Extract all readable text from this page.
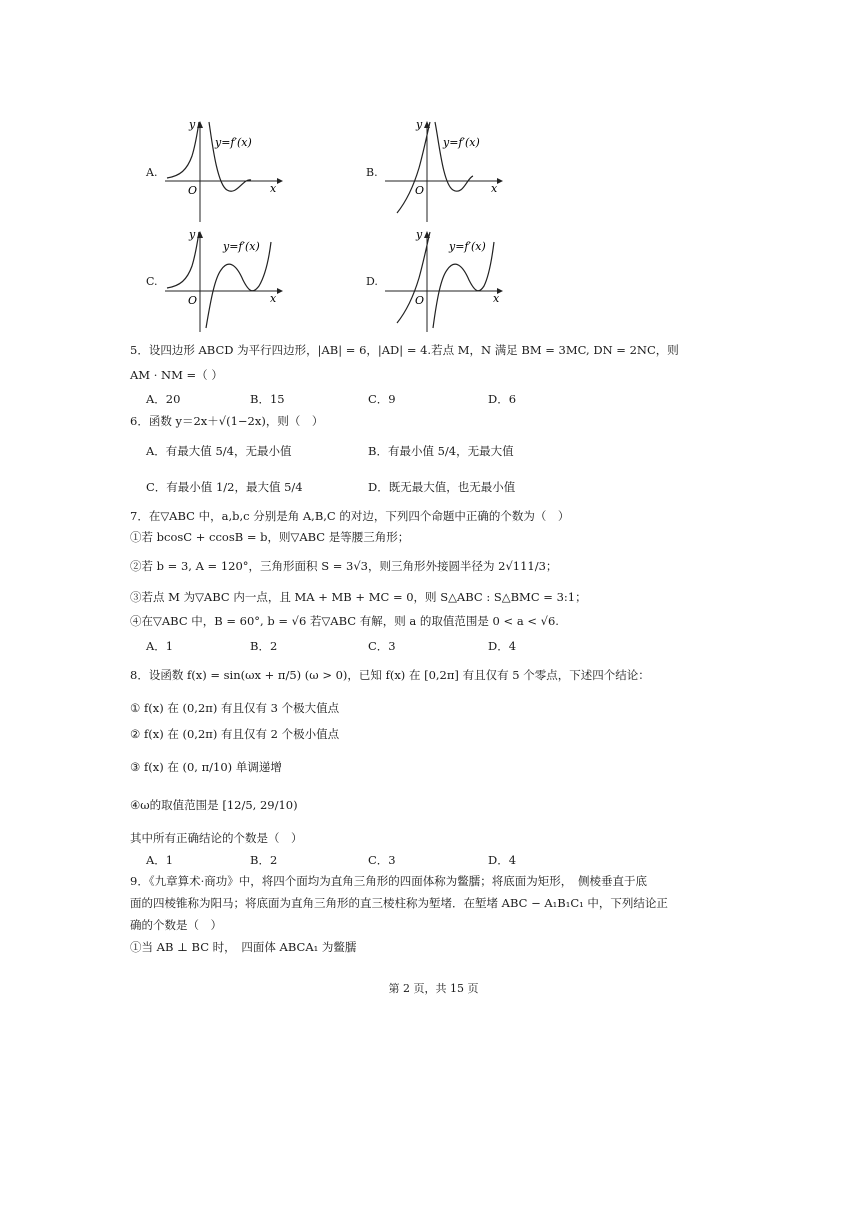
A.
O	x
y
y=f′(x)
B.
O	x
y
y=f′(x)
C.
O	x
y
y=f′(x)
D.
O	x
y
y=f′(x)
5．设四边形 ABCD 为平行四边形，|AB| = 6，|AD| = 4.若点 M，N 满足 BM = 3MC, DN = 2NC，则
AM · NM =（ ）
A．20	B．15	C．9	D．6
6．函数 y＝2x＋√(1−2x)，则（　）
A．有最大值 5/4，无最小值	B．有最小值 5/4，无最大值
C．有最小值 1/2，最大值 5/4	D．既无最大值，也无最小值
7．在▽ABC 中，a,b,c 分别是角 A,B,C 的对边，下列四个命题中正确的个数为（　）
①若 bcosC + ccosB = b，则▽ABC 是等腰三角形；
②若 b = 3, A = 120°，三角形面积 S = 3√3，则三角形外接圆半径为 2√111/3；
③若点 M 为▽ABC 内一点，且 MA + MB + MC = 0，则 S△ABC : S△BMC = 3:1；
④在▽ABC 中，B = 60°, b = √6 若▽ABC 有解，则 a 的取值范围是 0 < a < √6.
A．1	B．2	C．3	D．4
8．设函数 f(x) = sin(ωx + π/5) (ω > 0)，已知 f(x) 在 [0,2π] 有且仅有 5 个零点，下述四个结论：
① f(x) 在 (0,2π) 有且仅有 3 个极大值点
② f(x) 在 (0,2π) 有且仅有 2 个极小值点
③ f(x) 在 (0, π/10) 单调递增
④ω的取值范围是 [12/5, 29/10)
其中所有正确结论的个数是（　）
A．1	B．2	C．3	D．4
9．《九章算术·商功》中，将四个面均为直角三角形的四面体称为鳖臑；将底面为矩形，　侧棱垂直于底
面的四棱锥称为阳马；将底面为直角三角形的直三棱柱称为堑堵．在堑堵 ABC − A₁B₁C₁ 中，下列结论正
确的个数是（　）
①当 AB ⊥ BC 时，　四面体 ABCA₁ 为鳖臑
第 2 页，共 15 页
